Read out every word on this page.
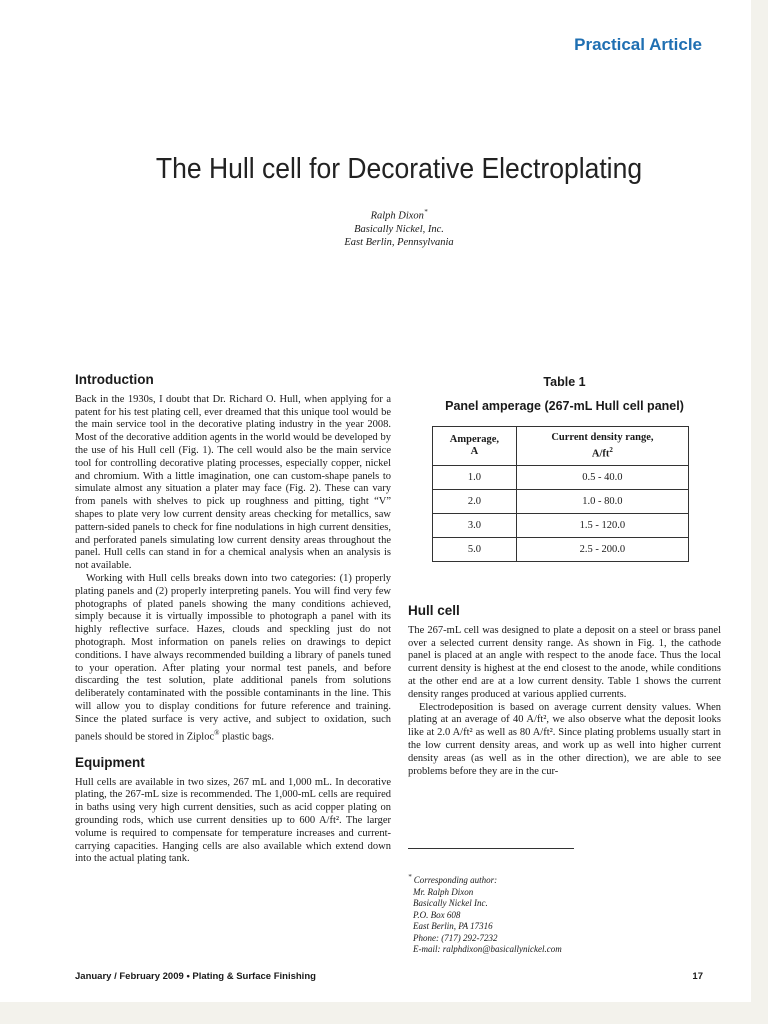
Practical Article
The Hull cell for Decorative Electroplating
Ralph Dixon*
Basically Nickel, Inc.
East Berlin, Pennsylvania
Introduction

Back in the 1930s, I doubt that Dr. Richard O. Hull, when applying for a patent for his test plating cell, ever dreamed that this unique tool would be the main service tool in the decorative plating industry in the year 2008. Most of the decorative addition agents in the world would be developed by the use of his Hull cell (Fig. 1). The cell would also be the main service tool for controlling decorative plating processes, especially copper, nickel and chromium. With a little imagination, one can custom-shape panels to simulate almost any situation a plater may face (Fig. 2). These can vary from panels with shelves to pick up roughness and pitting, tight “V” shapes to plate very low current density areas checking for metallics, saw pattern-sided panels to check for fine nodulations in high current densities, and perforated panels simulating low current density areas throughout the panel. Hull cells can stand in for a chemical analysis when an analysis is not available.

Working with Hull cells breaks down into two categories: (1) properly plating panels and (2) properly interpreting panels. You will find very few photographs of plated panels showing the many conditions achieved, simply because it is virtually impossible to photograph a panel with its highly reflective surface. Hazes, clouds and speckling just do not photograph. Most information on panels relies on drawings to depict conditions. I have always recommended building a library of panels tuned to your operation. After plating your normal test panels, and before discarding the test solution, plate additional panels from solutions deliberately contaminated with the possible contaminants in the line. This will allow you to display conditions for future reference and training. Since the plated surface is very active, and subject to oxidation, such panels should be stored in Ziploc® plastic bags.

Equipment

Hull cells are available in two sizes, 267 mL and 1,000 mL. In decorative plating, the 267-mL size is recommended. The 1,000-mL cells are required in baths using very high current densities, such as acid copper plating on grounding rods, which use current densities up to 600 A/ft². The larger volume is required to compensate for temperature increases and current-carrying capacities. Hanging cells are also available which extend down into the actual plating tank.

Table 1
Panel amperage (267-mL Hull cell panel)
Amperage,
A	Current density range,
$A/ft^2$
1.0	0.5 - 40.0
2.0	1.0 - 80.0
3.0	1.5 - 120.0
5.0	2.5 - 200.0
Hull cell

The 267-mL cell was designed to plate a deposit on a steel or brass panel over a selected current density range. As shown in Fig. 1, the cathode panel is placed at an angle with respect to the anode face. Thus the local current density is highest at the end closest to the anode, while conditions at the other end are at a low current density. Table 1 shows the current density ranges produced at various applied currents.

Electrodeposition is based on average current density values. When plating at an average of 40 A/ft², we also observe what the deposit looks like at 2.0 A/ft² as well as 80 A/ft². Since plating problems usually start in the low current density areas, and work up as well into higher current density areas (as well as in the other direction), we are able to see problems before they are in the cur-

* Corresponding author:
Mr. Ralph Dixon
Basically Nickel Inc.
P.O. Box 608
East Berlin, PA 17316
Phone: (717) 292-7232
E-mail: ralphdixon@basicallynickel.com
January / February 2009 • Plating & Surface Finishing	17
